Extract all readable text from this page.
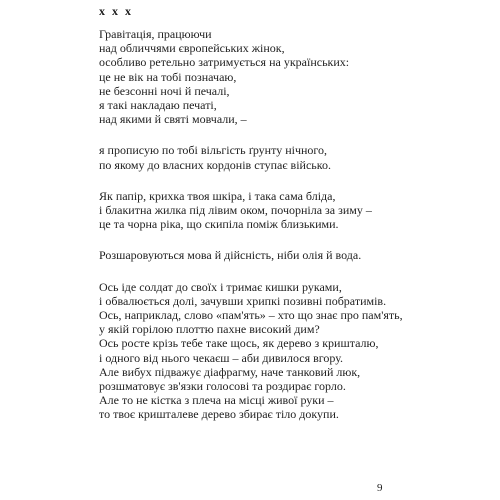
x x x
Гравітація, працюючи
над обличчями європейських жінок,
особливо ретельно затримується на українських:
це не вік на тобі позначаю,
не безсонні ночі й печалі,
я такі накладаю печаті,
над якими й святі мовчали, –
я прописую по тобі вільгість ґрунту нічного,
по якому до власних кордонів ступає військо.
Як папір, крихка твоя шкіра, і така сама бліда,
і блакитна жилка під лівим оком, почорніла за зиму –
це та чорна ріка, що скипіла поміж близькими.
Розшаровуються мова й дійсність, ніби олія й вода.
Ось іде солдат до своїх і тримає кишки руками,
і обвалюється долі, зачувши хрипкі позивні побратимів.
Ось, наприклад, слово «пам'ять» – хто що знає про пам'ять,
у якій горілою плоттю пахне високий дим?
Ось росте крізь тебе таке щось, як дерево з кришталю,
і одного від нього чекаєш – аби дивилося вгору.
Але вибух підважує діафрагму, наче танковий люк,
розшматовує зв'язки голосові та роздирає горло.
Але то не кістка з плеча на місці живої руки –
то твоє кришталеве дерево збирає тіло докупи.
9
